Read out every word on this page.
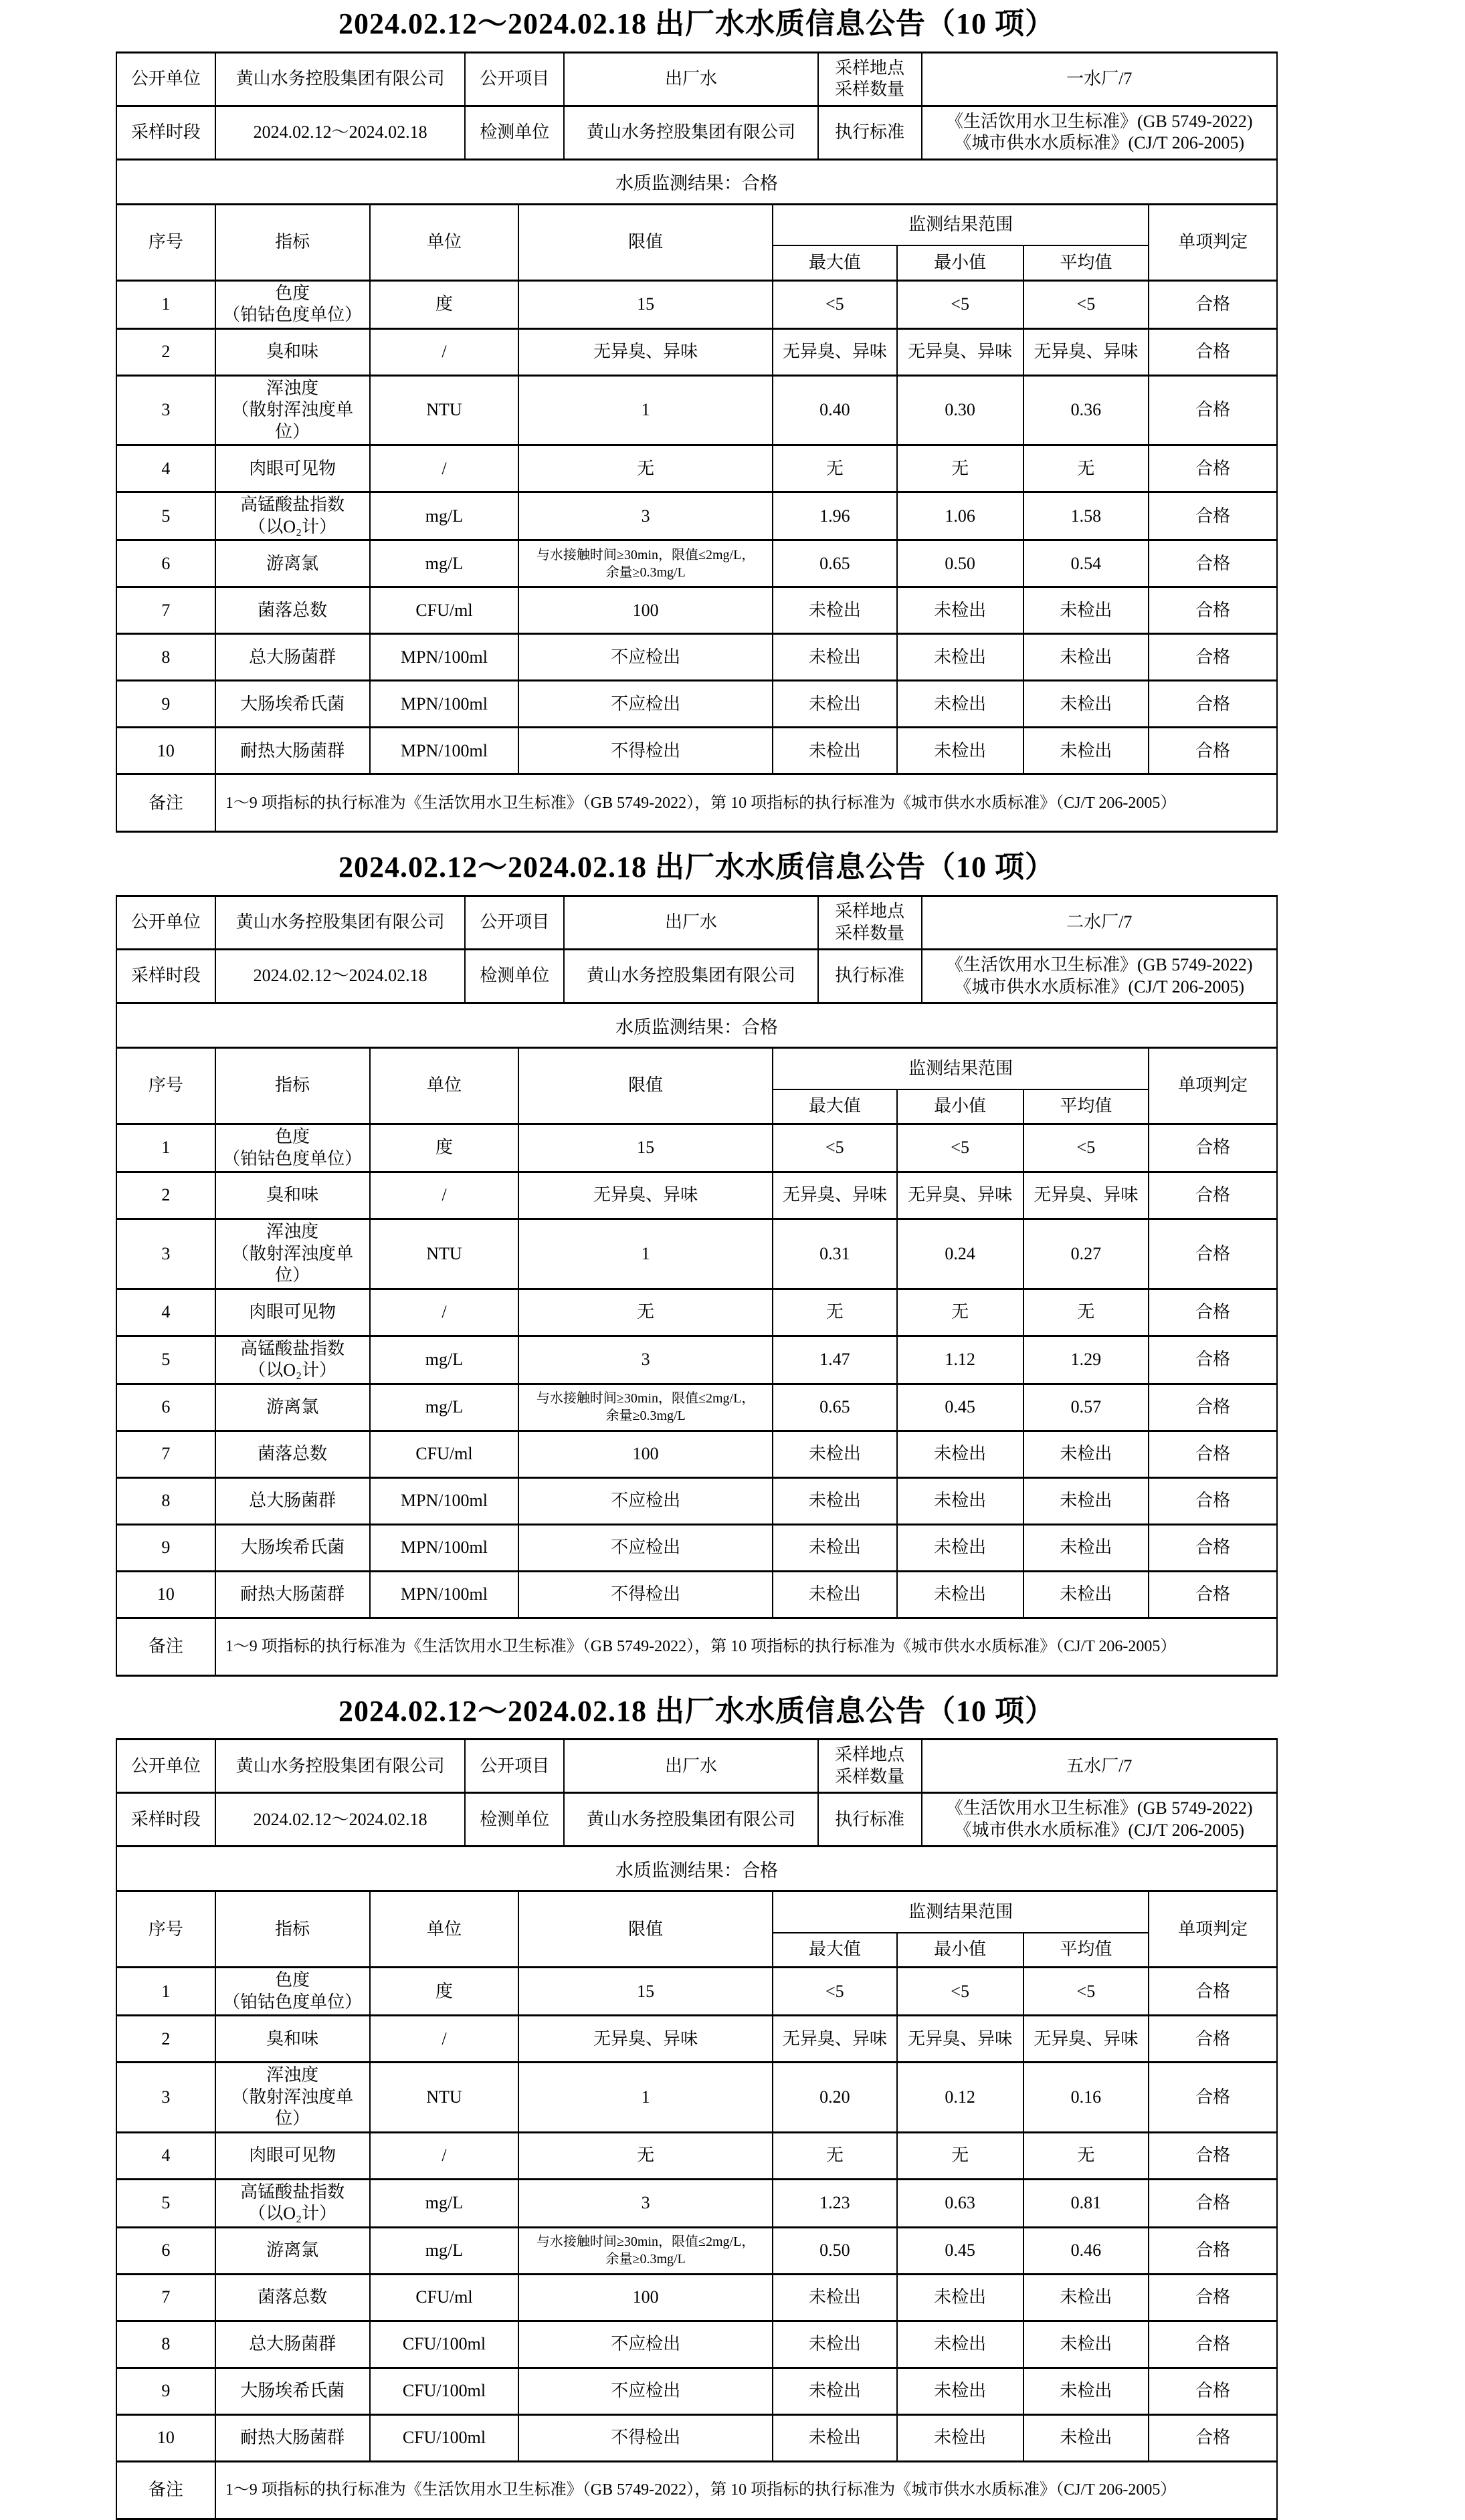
2024.02.12～2024.02.18 出厂水水质信息公告（10 项）
公开单位	黄山水务控股集团有限公司	公开项目	出厂水	采样地点
采样数量	一水厂/7
采样时段	2024.02.12～2024.02.18	检测单位	黄山水务控股集团有限公司	执行标准	《生活饮用水卫生标准》(GB 5749-2022)
《城市供水水质标准》(CJ/T 206-2005)
水质监测结果：合格
序号	指标	单位	限值	监测结果范围			单项判定
				最大值	最小值	平均值	

1	色度
（铂钴色度单位）	度	15	<5	<5	<5	合格

2	臭和味	/	无异臭、异味	无异臭、异味	无异臭、异味	无异臭、异味	合格

3	浑浊度
（散射浑浊度单位）	NTU	1	0.40	0.30	0.36	合格

4	肉眼可见物	/	无	无	无	无	合格

5	高锰酸盐指数
（以O₂计）	mg/L	3	1.96	1.06	1.58	合格

6	游离氯	mg/L	与水接触时间≥30min，限值≤2mg/L，
余量≥0.3mg/L	0.65	0.50	0.54	合格

7	菌落总数	CFU/ml	100	未检出	未检出	未检出	合格

8	总大肠菌群	MPN/100ml	不应检出	未检出	未检出	未检出	合格

9	大肠埃希氏菌	MPN/100ml	不应检出	未检出	未检出	未检出	合格

10	耐热大肠菌群	MPN/100ml	不得检出	未检出	未检出	未检出	合格

备注	1～9 项指标的执行标准为《生活饮用水卫生标准》（GB 5749-2022），第 10 项指标的执行标准为《城市供水水质标准》（CJ/T 206-2005）						
2024.02.12～2024.02.18 出厂水水质信息公告（10 项）
公开单位	黄山水务控股集团有限公司	公开项目	出厂水	采样地点
采样数量	二水厂/7
采样时段	2024.02.12～2024.02.18	检测单位	黄山水务控股集团有限公司	执行标准	《生活饮用水卫生标准》(GB 5749-2022)
《城市供水水质标准》(CJ/T 206-2005)
水质监测结果：合格
序号	指标	单位	限值	监测结果范围			单项判定
				最大值	最小值	平均值	

1	色度
（铂钴色度单位）	度	15	<5	<5	<5	合格

2	臭和味	/	无异臭、异味	无异臭、异味	无异臭、异味	无异臭、异味	合格

3	浑浊度
（散射浑浊度单位）	NTU	1	0.31	0.24	0.27	合格

4	肉眼可见物	/	无	无	无	无	合格

5	高锰酸盐指数
（以O₂计）	mg/L	3	1.47	1.12	1.29	合格

6	游离氯	mg/L	与水接触时间≥30min，限值≤2mg/L，
余量≥0.3mg/L	0.65	0.45	0.57	合格

7	菌落总数	CFU/ml	100	未检出	未检出	未检出	合格

8	总大肠菌群	MPN/100ml	不应检出	未检出	未检出	未检出	合格

9	大肠埃希氏菌	MPN/100ml	不应检出	未检出	未检出	未检出	合格

10	耐热大肠菌群	MPN/100ml	不得检出	未检出	未检出	未检出	合格

备注	1～9 项指标的执行标准为《生活饮用水卫生标准》（GB 5749-2022），第 10 项指标的执行标准为《城市供水水质标准》（CJ/T 206-2005）						
2024.02.12～2024.02.18 出厂水水质信息公告（10 项）
公开单位	黄山水务控股集团有限公司	公开项目	出厂水	采样地点
采样数量	五水厂/7
采样时段	2024.02.12～2024.02.18	检测单位	黄山水务控股集团有限公司	执行标准	《生活饮用水卫生标准》(GB 5749-2022)
《城市供水水质标准》(CJ/T 206-2005)
水质监测结果：合格
序号	指标	单位	限值	监测结果范围			单项判定
				最大值	最小值	平均值	

1	色度
（铂钴色度单位）	度	15	<5	<5	<5	合格

2	臭和味	/	无异臭、异味	无异臭、异味	无异臭、异味	无异臭、异味	合格

3	浑浊度
（散射浑浊度单位）	NTU	1	0.20	0.12	0.16	合格

4	肉眼可见物	/	无	无	无	无	合格

5	高锰酸盐指数
（以O₂计）	mg/L	3	1.23	0.63	0.81	合格

6	游离氯	mg/L	与水接触时间≥30min，限值≤2mg/L，
余量≥0.3mg/L	0.50	0.45	0.46	合格

7	菌落总数	CFU/ml	100	未检出	未检出	未检出	合格

8	总大肠菌群	CFU/100ml	不应检出	未检出	未检出	未检出	合格

9	大肠埃希氏菌	CFU/100ml	不应检出	未检出	未检出	未检出	合格

10	耐热大肠菌群	CFU/100ml	不得检出	未检出	未检出	未检出	合格

备注	1～9 项指标的执行标准为《生活饮用水卫生标准》（GB 5749-2022），第 10 项指标的执行标准为《城市供水水质标准》（CJ/T 206-2005）						
